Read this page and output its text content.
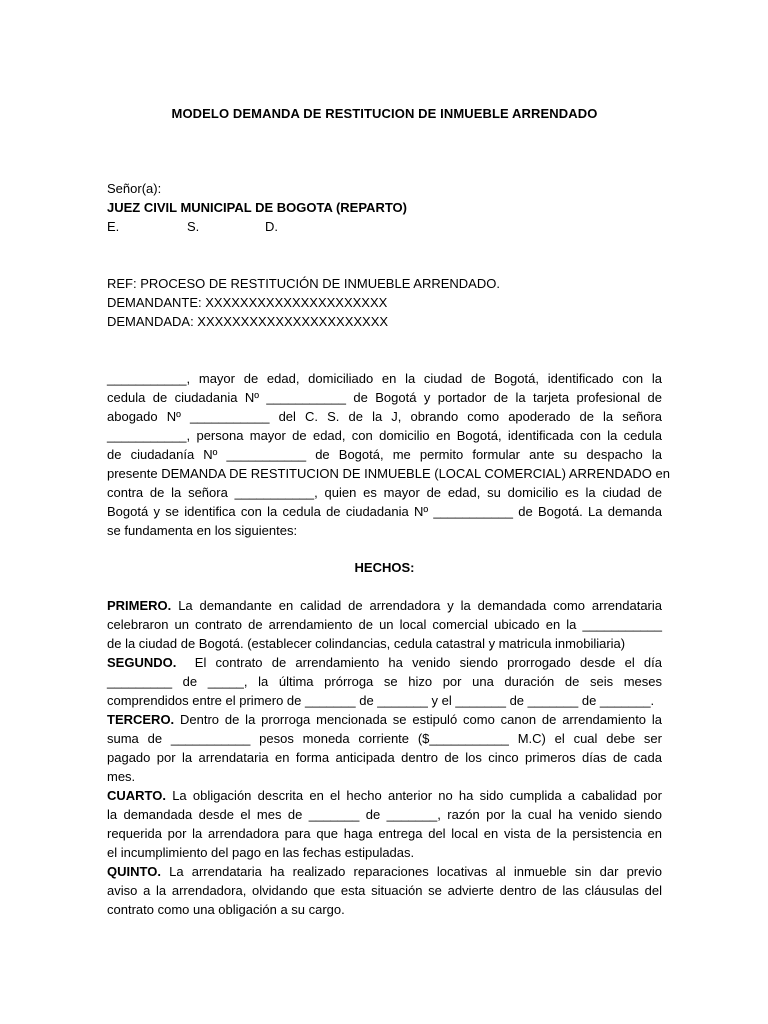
MODELO DEMANDA DE RESTITUCION DE INMUEBLE ARRENDADO
Señor(a):
JUEZ CIVIL MUNICIPAL DE BOGOTA (REPARTO)
E.	S.	D.
REF: PROCESO DE RESTITUCIÓN DE INMUEBLE ARRENDADO.
DEMANDANTE: XXXXXXXXXXXXXXXXXXXXX
DEMANDADA: XXXXXXXXXXXXXXXXXXXXXX
___________, mayor de edad, domiciliado en la ciudad de Bogotá, identificado con la
cedula de ciudadania Nº ___________ de Bogotá y portador de la tarjeta profesional de
abogado Nº ___________ del C. S. de la J, obrando como apoderado de la señora
___________, persona mayor de edad, con domicilio en Bogotá, identificada con la cedula
de ciudadanía Nº ___________ de Bogotá, me permito formular ante su despacho la
presente DEMANDA DE RESTITUCION DE INMUEBLE (LOCAL COMERCIAL) ARRENDADO en
contra de la señora ___________, quien es mayor de edad, su domicilio es la ciudad de
Bogotá y se identifica con la cedula de ciudadania Nº ___________ de Bogotá. La demanda
se fundamenta en los siguientes:
HECHOS:
PRIMERO. La demandante en calidad de arrendadora y la demandada como arrendataria
celebraron un contrato de arrendamiento de un local comercial ubicado en la ___________
de la ciudad de Bogotá. (establecer colindancias, cedula catastral y matricula inmobiliaria)
SEGUNDO.  El contrato de arrendamiento ha venido siendo prorrogado desde el día
_________ de _____, la última prórroga se hizo por una duración de seis meses
comprendidos entre el primero de _______ de _______ y el _______ de _______ de _______.
TERCERO. Dentro de la prorroga mencionada se estipuló como canon de arrendamiento la
suma de ___________ pesos moneda corriente ($___________ M.C) el cual debe ser
pagado por la arrendataria en forma anticipada dentro de los cinco primeros días de cada
mes.
CUARTO. La obligación descrita en el hecho anterior no ha sido cumplida a cabalidad por
la demandada desde el mes de _______ de _______, razón por la cual ha venido siendo
requerida por la arrendadora para que haga entrega del local en vista de la persistencia en
el incumplimiento del pago en las fechas estipuladas.
QUINTO. La arrendataria ha realizado reparaciones locativas al inmueble sin dar previo
aviso a la arrendadora, olvidando que esta situación se advierte dentro de las cláusulas del
contrato como una obligación a su cargo.
